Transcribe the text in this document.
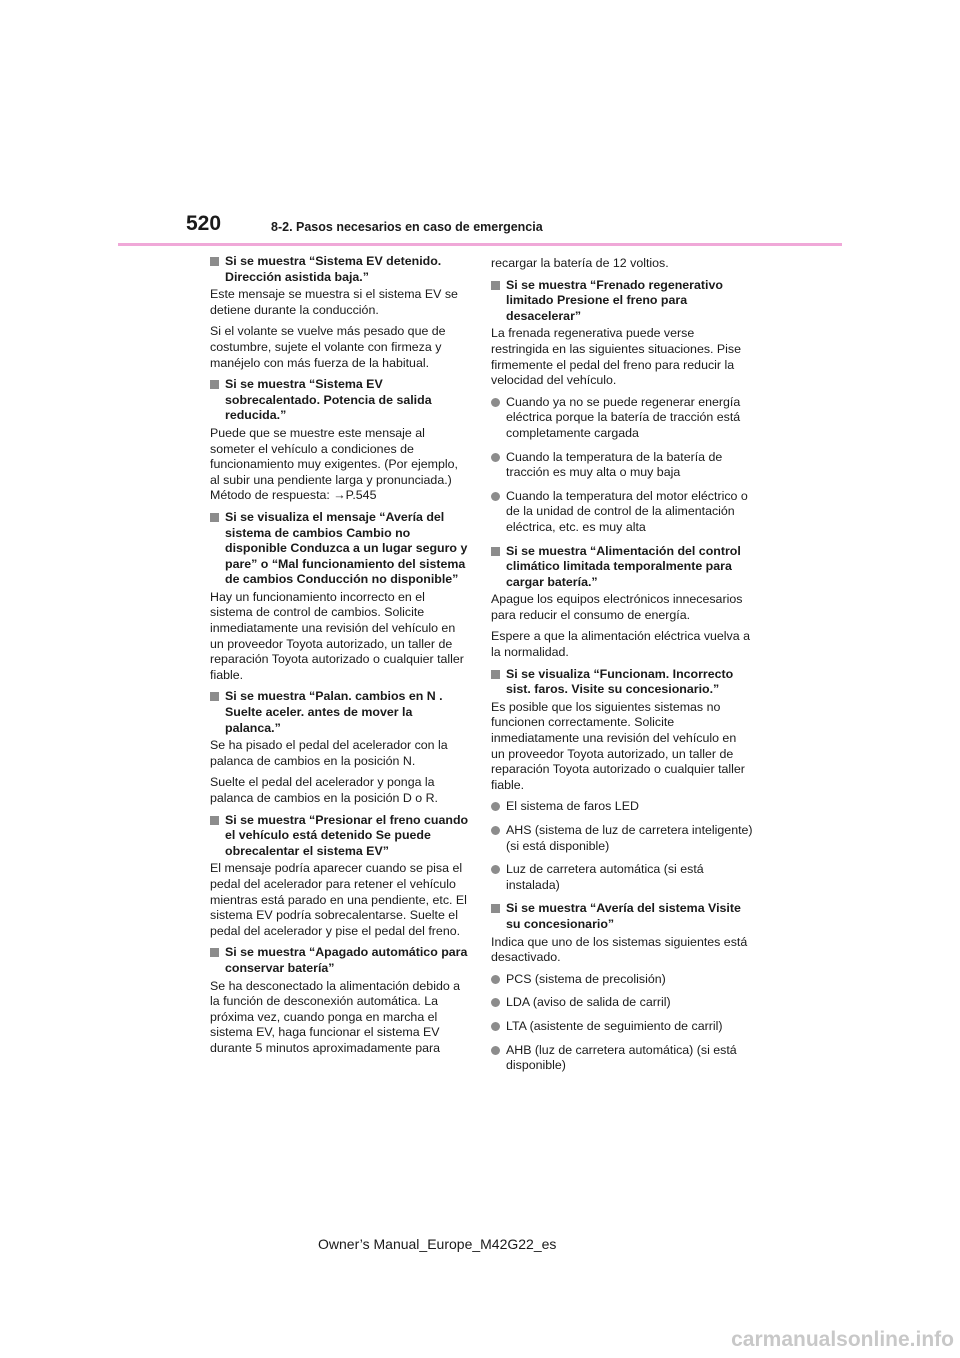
520	8-2. Pasos necesarios en caso de emergencia
Si se muestra “Sistema EV detenido. Dirección asistida baja.”
Este mensaje se muestra si el sistema EV se detiene durante la conducción.
Si el volante se vuelve más pesado que de costumbre, sujete el volante con firmeza y manéjelo con más fuerza de la habitual.
Si se muestra “Sistema EV sobrecalentado. Potencia de salida reducida.”
Puede que se muestre este mensaje al someter el vehículo a condiciones de funcionamiento muy exigentes. (Por ejemplo, al subir una pendiente larga y pronunciada.) Método de respuesta: →P.545
Si se visualiza el mensaje “Avería del sistema de cambios Cambio no disponible Conduzca a un lugar seguro y pare” o “Mal funcionamiento del sistema de cambios Conducción no disponible”
Hay un funcionamiento incorrecto en el sistema de control de cambios. Solicite inmediatamente una revisión del vehículo en un proveedor Toyota autorizado, un taller de reparación Toyota autorizado o cualquier taller fiable.
Si se muestra “Palan. cambios en N . Suelte aceler. antes de mover la palanca.”
Se ha pisado el pedal del acelerador con la palanca de cambios en la posición N.
Suelte el pedal del acelerador y ponga la palanca de cambios en la posición D o R.
Si se muestra “Presionar el freno cuando el vehículo está detenido Se puede obrecalentar el sistema EV”
El mensaje podría aparecer cuando se pisa el pedal del acelerador para retener el vehículo mientras está parado en una pendiente, etc. El sistema EV podría sobrecalentarse. Suelte el pedal del acelerador y pise el pedal del freno.
Si se muestra “Apagado automático para conservar batería”
Se ha desconectado la alimentación debido a la función de desconexión automática. La próxima vez, cuando ponga en marcha el sistema EV, haga funcionar el sistema EV durante 5 minutos aproximadamente para
recargar la batería de 12 voltios.
Si se muestra “Frenado regenerativo limitado Presione el freno para desacelerar”
La frenada regenerativa puede verse restringida en las siguientes situaciones. Pise firmemente el pedal del freno para reducir la velocidad del vehículo.
Cuando ya no se puede regenerar energía eléctrica porque la batería de tracción está completamente cargada
Cuando la temperatura de la batería de tracción es muy alta o muy baja
Cuando la temperatura del motor eléctrico o de la unidad de control de la alimentación eléctrica, etc. es muy alta
Si se muestra “Alimentación del control climático limitada temporalmente para cargar batería.”
Apague los equipos electrónicos innecesarios para reducir el consumo de energía.
Espere a que la alimentación eléctrica vuelva a la normalidad.
Si se visualiza “Funcionam. Incorrecto sist. faros. Visite su concesionario.”
Es posible que los siguientes sistemas no funcionen correctamente. Solicite inmediatamente una revisión del vehículo en un proveedor Toyota autorizado, un taller de reparación Toyota autorizado o cualquier taller fiable.
El sistema de faros LED
AHS (sistema de luz de carretera inteligente) (si está disponible)
Luz de carretera automática (si está instalada)
Si se muestra “Avería del sistema Visite su concesionario”
Indica que uno de los sistemas siguientes está desactivado.
PCS (sistema de precolisión)
LDA (aviso de salida de carril)
LTA (asistente de seguimiento de carril)
AHB (luz de carretera automática) (si está disponible)
Owner’s Manual_Europe_M42G22_es
carmanualsonline.info
